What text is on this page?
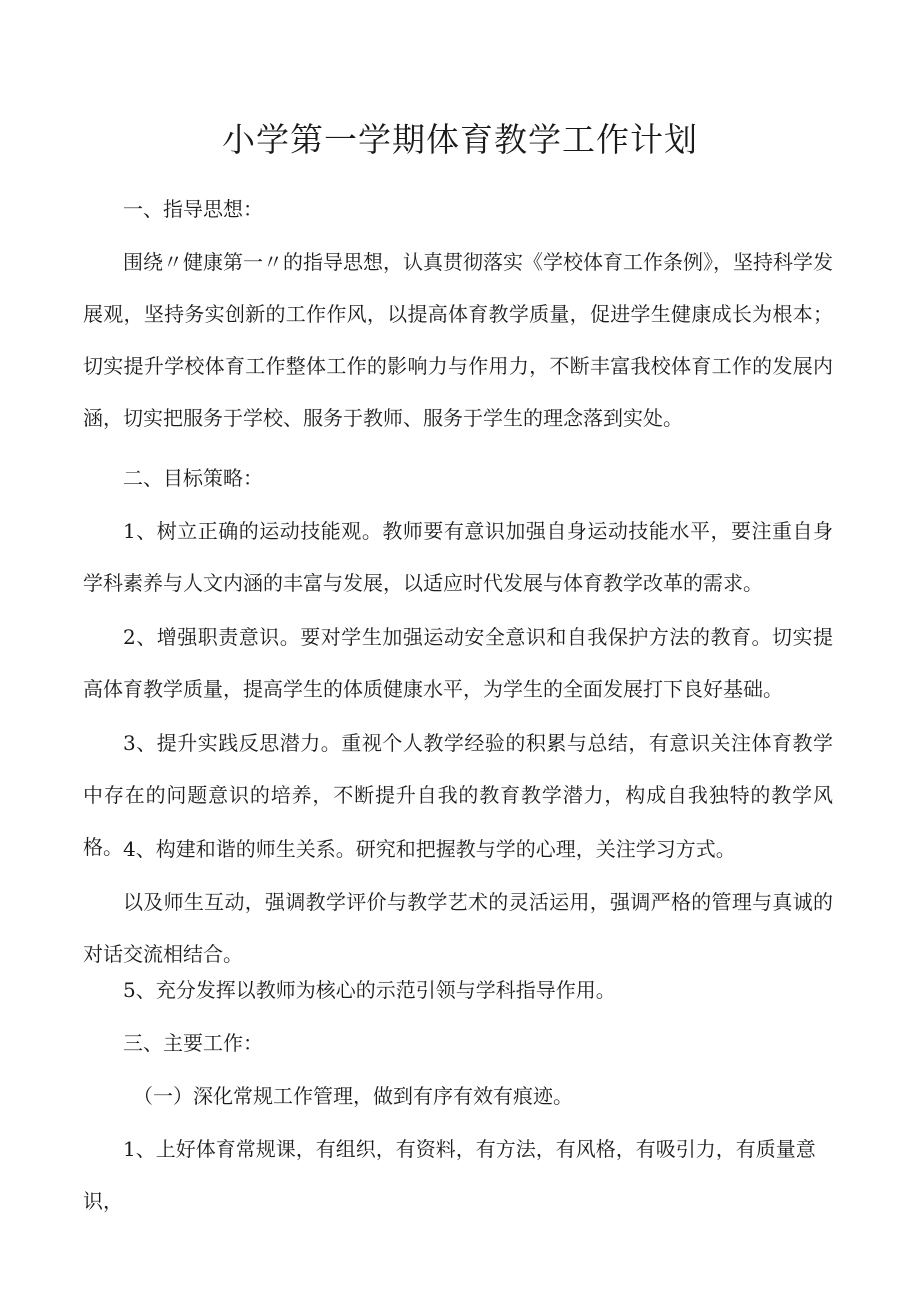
小学第一学期体育教学工作计划

一、指导思想：

围绕〃健康第一〃的指导思想，认真贯彻落实《学校体育工作条例》，坚持科学发展观，坚持务实创新的工作作风，以提高体育教学质量，促进学生健康成长为根本；切实提升学校体育工作整体工作的影响力与作用力，不断丰富我校体育工作的发展内涵，切实把服务于学校、服务于教师、服务于学生的理念落到实处。

二、目标策略：

1、树立正确的运动技能观。教师要有意识加强自身运动技能水平，要注重自身学科素养与人文内涵的丰富与发展，以适应时代发展与体育教学改革的需求。

2、增强职责意识。要对学生加强运动安全意识和自我保护方法的教育。切实提高体育教学质量，提高学生的体质健康水平，为学生的全面发展打下良好基础。

3、提升实践反思潜力。重视个人教学经验的积累与总结，有意识关注体育教学中存在的问题意识的培养，不断提升自我的教育教学潜力，构成自我独特的教学风格。 4、构建和谐的师生关系。研究和把握教与学的心理，关注学习方式。

以及师生互动，强调教学评价与教学艺术的灵活运用，强调严格的管理与真诚的对话交流相结合。

5、充分发挥以教师为核心的示范引领与学科指导作用。

三、主要工作：

（一）深化常规工作管理，做到有序有效有痕迹。

1、上好体育常规课，有组织，有资料，有方法，有风格，有吸引力，有质量意识，
